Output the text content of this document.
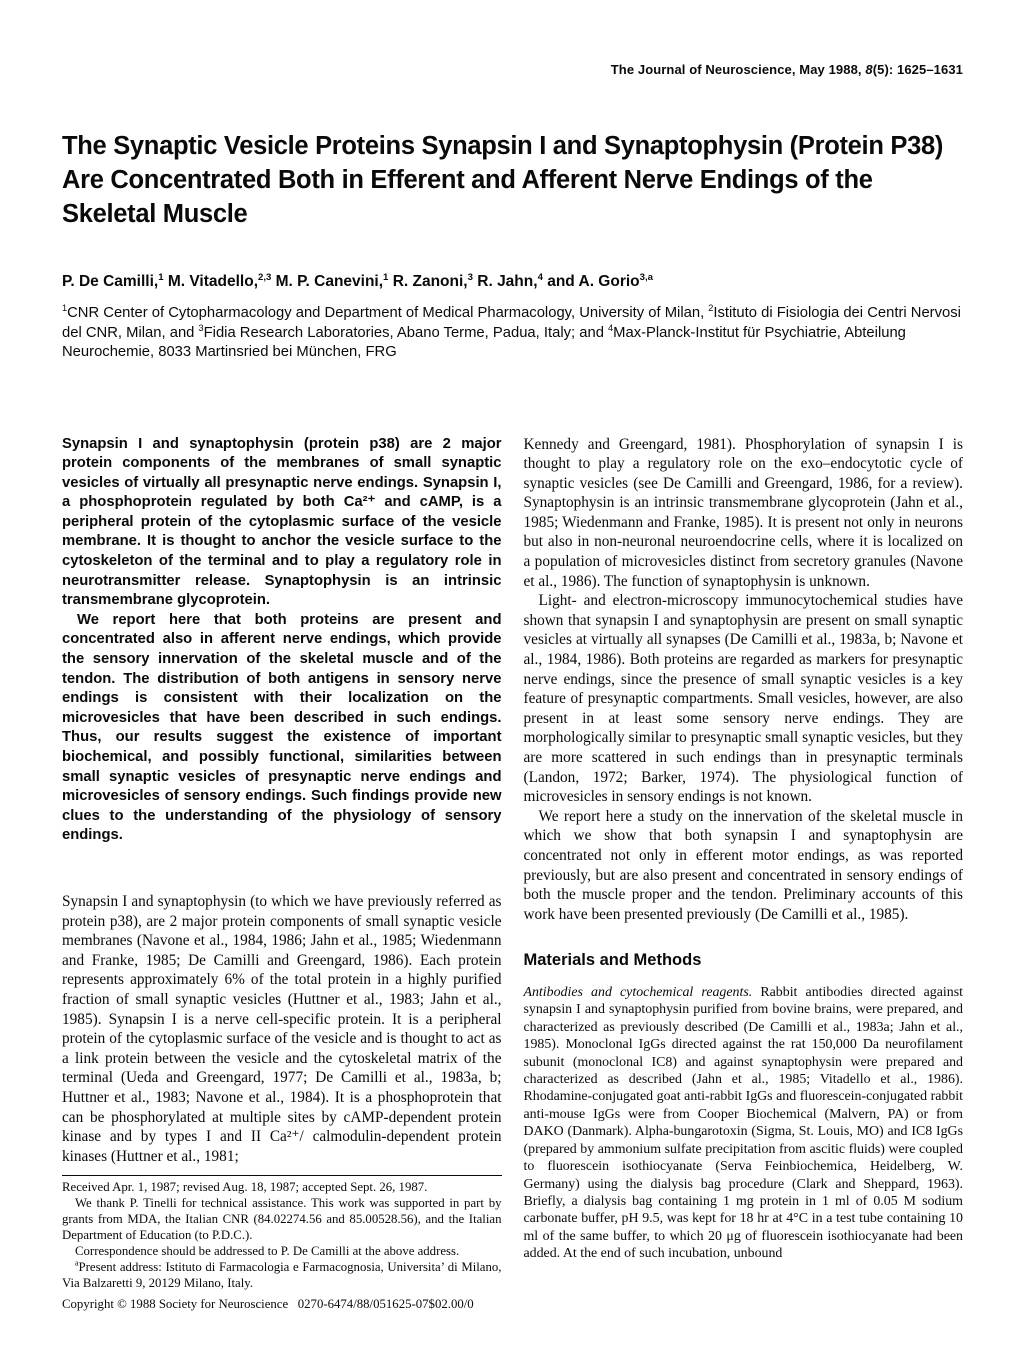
The Journal of Neuroscience, May 1988, 8(5): 1625–1631
The Synaptic Vesicle Proteins Synapsin I and Synaptophysin (Protein P38) Are Concentrated Both in Efferent and Afferent Nerve Endings of the Skeletal Muscle
P. De Camilli,$^1$ M. Vitadello,$^{2,3}$ M. P. Canevini,$^1$ R. Zanoni,$^3$ R. Jahn,$^4$ and A. Gorio$^{3,a}$
$^1$CNR Center of Cytopharmacology and Department of Medical Pharmacology, University of Milan, $^2$Istituto di Fisiologia dei Centri Nervosi del CNR, Milan, and $^3$Fidia Research Laboratories, Abano Terme, Padua, Italy; and $^4$Max-Planck-Institut für Psychiatrie, Abteilung Neurochemie, 8033 Martinsried bei München, FRG

Synapsin I and synaptophysin (protein p38) are 2 major protein components of the membranes of small synaptic vesicles of virtually all presynaptic nerve endings. Synapsin I, a phosphoprotein regulated by both Ca²⁺ and cAMP, is a peripheral protein of the cytoplasmic surface of the vesicle membrane. It is thought to anchor the vesicle surface to the cytoskeleton of the terminal and to play a regulatory role in neurotransmitter release. Synaptophysin is an intrinsic transmembrane glycoprotein.

We report here that both proteins are present and concentrated also in afferent nerve endings, which provide the sensory innervation of the skeletal muscle and of the tendon. The distribution of both antigens in sensory nerve endings is consistent with their localization on the microvesicles that have been described in such endings. Thus, our results suggest the existence of important biochemical, and possibly functional, similarities between small synaptic vesicles of presynaptic nerve endings and microvesicles of sensory endings. Such findings provide new clues to the understanding of the physiology of sensory endings.

Synapsin I and synaptophysin (to which we have previously referred as protein p38), are 2 major protein components of small synaptic vesicle membranes (Navone et al., 1984, 1986; Jahn et al., 1985; Wiedenmann and Franke, 1985; De Camilli and Greengard, 1986). Each protein represents approximately 6% of the total protein in a highly purified fraction of small synaptic vesicles (Huttner et al., 1983; Jahn et al., 1985). Synapsin I is a nerve cell-specific protein. It is a peripheral protein of the cytoplasmic surface of the vesicle and is thought to act as a link protein between the vesicle and the cytoskeletal matrix of the terminal (Ueda and Greengard, 1977; De Camilli et al., 1983a, b; Huttner et al., 1983; Navone et al., 1984). It is a phosphoprotein that can be phosphorylated at multiple sites by cAMP-dependent protein kinase and by types I and II Ca²⁺/ calmodulin-dependent protein kinases (Huttner et al., 1981;

Received Apr. 1, 1987; revised Aug. 18, 1987; accepted Sept. 26, 1987.

We thank P. Tinelli for technical assistance. This work was supported in part by grants from MDA, the Italian CNR (84.02274.56 and 85.00528.56), and the Italian Department of Education (to P.D.C.).

Correspondence should be addressed to P. De Camilli at the above address.

$^a$Present address: Istituto di Farmacologia e Farmacognosia, Universita’ di Milano, Via Balzaretti 9, 20129 Milano, Italy.

Copyright © 1988 Society for Neuroscience   0270-6474/88/051625-07$02.00/0

Kennedy and Greengard, 1981). Phosphorylation of synapsin I is thought to play a regulatory role on the exo–endocytotic cycle of synaptic vesicles (see De Camilli and Greengard, 1986, for a review). Synaptophysin is an intrinsic transmembrane glycoprotein (Jahn et al., 1985; Wiedenmann and Franke, 1985). It is present not only in neurons but also in non-neuronal neuroendocrine cells, where it is localized on a population of microvesicles distinct from secretory granules (Navone et al., 1986). The function of synaptophysin is unknown.

Light- and electron-microscopy immunocytochemical studies have shown that synapsin I and synaptophysin are present on small synaptic vesicles at virtually all synapses (De Camilli et al., 1983a, b; Navone et al., 1984, 1986). Both proteins are regarded as markers for presynaptic nerve endings, since the presence of small synaptic vesicles is a key feature of presynaptic compartments. Small vesicles, however, are also present in at least some sensory nerve endings. They are morphologically similar to presynaptic small synaptic vesicles, but they are more scattered in such endings than in presynaptic terminals (Landon, 1972; Barker, 1974). The physiological function of microvesicles in sensory endings is not known.

We report here a study on the innervation of the skeletal muscle in which we show that both synapsin I and synaptophysin are concentrated not only in efferent motor endings, as was reported previously, but are also present and concentrated in sensory endings of both the muscle proper and the tendon. Preliminary accounts of this work have been presented previously (De Camilli et al., 1985).

Materials and Methods

Antibodies and cytochemical reagents. Rabbit antibodies directed against synapsin I and synaptophysin purified from bovine brains, were prepared, and characterized as previously described (De Camilli et al., 1983a; Jahn et al., 1985). Monoclonal IgGs directed against the rat 150,000 Da neurofilament subunit (monoclonal IC8) and against synaptophysin were prepared and characterized as described (Jahn et al., 1985; Vitadello et al., 1986). Rhodamine-conjugated goat anti-rabbit IgGs and fluorescein-conjugated rabbit anti-mouse IgGs were from Cooper Biochemical (Malvern, PA) or from DAKO (Danmark). Alpha-bungarotoxin (Sigma, St. Louis, MO) and IC8 IgGs (prepared by ammonium sulfate precipitation from ascitic fluids) were coupled to fluorescein isothiocyanate (Serva Feinbiochemica, Heidelberg, W. Germany) using the dialysis bag procedure (Clark and Sheppard, 1963). Briefly, a dialysis bag containing 1 mg protein in 1 ml of 0.05 M sodium carbonate buffer, pH 9.5, was kept for 18 hr at 4°C in a test tube containing 10 ml of the same buffer, to which 20 μg of fluorescein isothiocyanate had been added. At the end of such incubation, unbound
